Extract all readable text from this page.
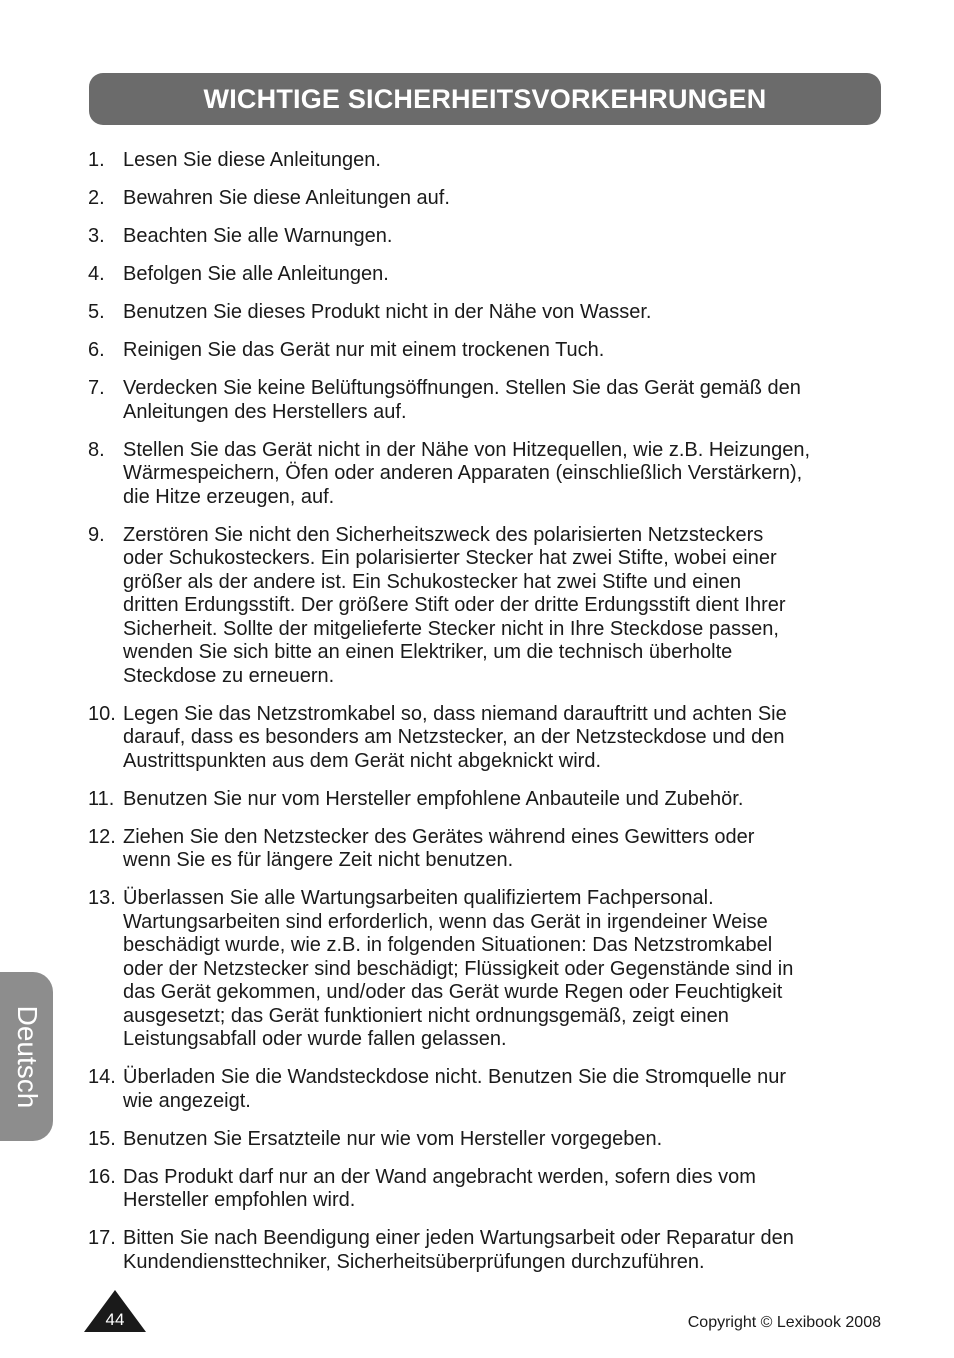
WICHTIGE SICHERHEITSVORKEHRUNGEN
1. Lesen Sie diese Anleitungen.
2. Bewahren Sie diese Anleitungen auf.
3. Beachten Sie alle Warnungen.
4. Befolgen Sie alle Anleitungen.
5. Benutzen Sie dieses Produkt nicht in der Nähe von Wasser.
6. Reinigen Sie das Gerät nur mit einem trockenen Tuch.
7. Verdecken Sie keine Belüftungsöffnungen. Stellen Sie das Gerät gemäß den
Anleitungen des Herstellers auf.
8. Stellen Sie das Gerät nicht in der Nähe von Hitzequellen, wie z.B. Heizungen,
Wärmespeichern, Öfen oder anderen Apparaten (einschließlich Verstärkern),
die Hitze erzeugen, auf.
9. Zerstören Sie nicht den Sicherheitszweck des polarisierten Netzsteckers
oder Schukosteckers. Ein polarisierter Stecker hat zwei Stifte, wobei einer
größer als der andere ist. Ein Schukostecker hat zwei Stifte und einen
dritten Erdungsstift. Der größere Stift oder der dritte Erdungsstift dient Ihrer
Sicherheit. Sollte der mitgelieferte Stecker nicht in Ihre Steckdose passen,
wenden Sie sich bitte an einen Elektriker, um die technisch überholte
Steckdose zu erneuern.
10. Legen Sie das Netzstromkabel so, dass niemand darauftritt und achten Sie
darauf, dass es besonders am Netzstecker, an der Netzsteckdose und den
Austrittspunkten aus dem Gerät nicht abgeknickt wird.
11. Benutzen Sie nur vom Hersteller empfohlene Anbauteile und Zubehör.
12. Ziehen Sie den Netzstecker des Gerätes während eines Gewitters oder
wenn Sie es für längere Zeit nicht benutzen.
13. Überlassen Sie alle Wartungsarbeiten qualifiziertem Fachpersonal.
Wartungsarbeiten sind erforderlich, wenn das Gerät in irgendeiner Weise
beschädigt wurde, wie z.B. in folgenden Situationen: Das Netzstromkabel
oder der Netzstecker sind beschädigt; Flüssigkeit oder Gegenstände sind in
das Gerät gekommen, und/oder das Gerät wurde Regen oder Feuchtigkeit
ausgesetzt; das Gerät funktioniert nicht ordnungsgemäß, zeigt einen
Leistungsabfall oder wurde fallen gelassen.
14. Überladen Sie die Wandsteckdose nicht. Benutzen Sie die Stromquelle nur
wie angezeigt.
15. Benutzen Sie Ersatzteile nur wie vom Hersteller vorgegeben.
16. Das Produkt darf nur an der Wand angebracht werden, sofern dies vom
Hersteller empfohlen wird.
17. Bitten Sie nach Beendigung einer jeden Wartungsarbeit oder Reparatur den
Kundendiensttechniker, Sicherheitsüberprüfungen durchzuführen.
Deutsch
44	Copyright © Lexibook 2008
